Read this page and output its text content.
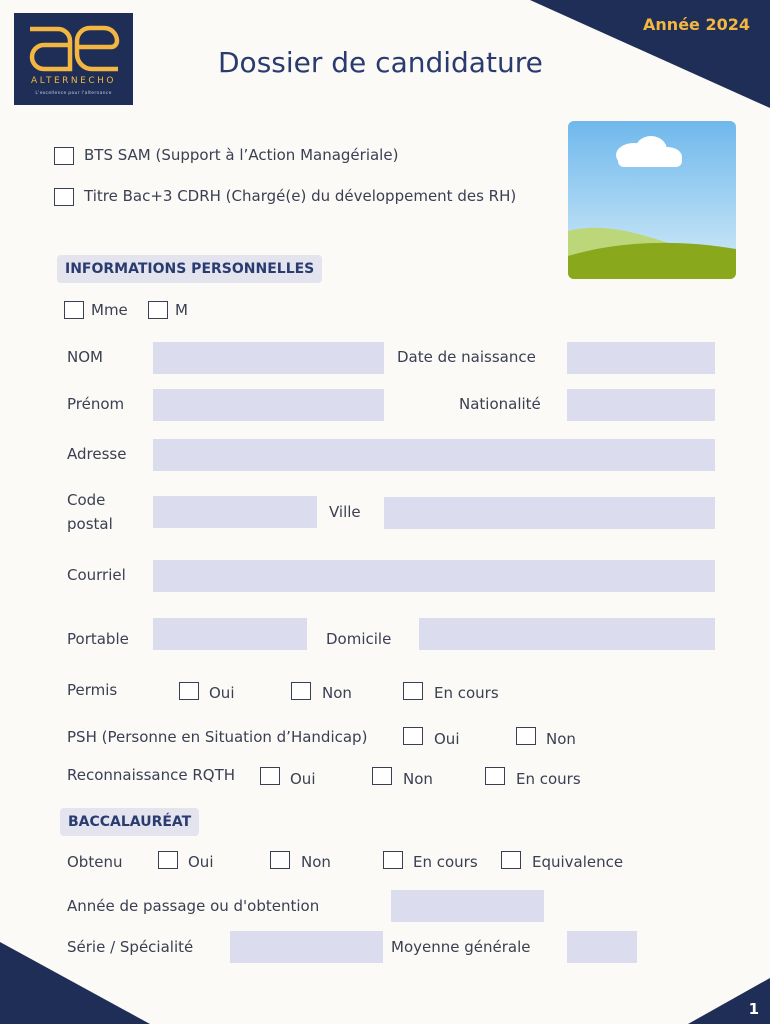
Année 2024
1
ALTERNECHO
L'excellence pour l'alternance
Dossier de candidature
BTS SAM (Support à l’Action Managériale)
Titre Bac+3 CDRH (Chargé(e) du développement des RH)
INFORMATIONS PERSONNELLES
Mme	M
NOM	Date de naissance
Prénom	Nationalité
Adresse
Code
postal
Ville
Courriel
Portable	Domicile
Permis	Oui	Non	En cours
PSH (Personne en Situation d’Handicap)	Oui	Non
Reconnaissance RQTH	Oui	Non	En cours
BACCALAURÉAT
Obtenu	Oui	Non	En cours	Equivalence
Année de passage ou d'obtention
Série / Spécialité	Moyenne générale
